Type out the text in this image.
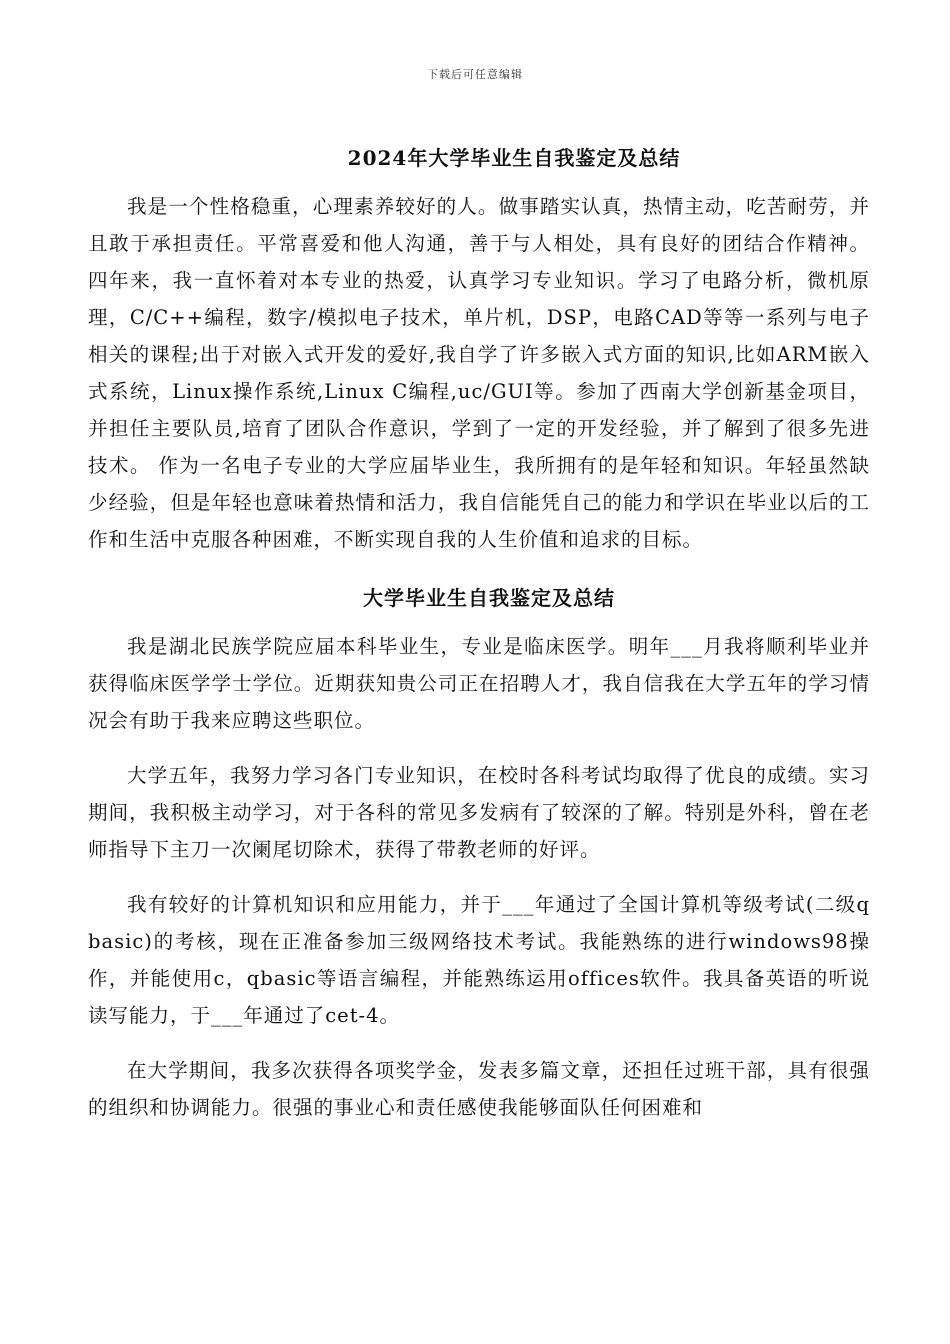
下载后可任意编辑
2024年大学毕业生自我鉴定及总结

我是一个性格稳重，心理素养较好的人。做事踏实认真，热情主动，吃苦耐劳，并且敢于承担责任。平常喜爱和他人沟通，善于与人相处，具有良好的团结合作精神。 四年来，我一直怀着对本专业的热爱，认真学习专业知识。学习了电路分析，微机原理，C/C++编程，数字/模拟电子技术，单片机，DSP，电路CAD等等一系列与电子相关的课程;出于对嵌入式开发的爱好,我自学了许多嵌入式方面的知识,比如ARM嵌入式系统，Linux操作系统,Linux C编程,uc/GUI等。参加了西南大学创新基金项目，并担任主要队员,培育了团队合作意识，学到了一定的开发经验，并了解到了很多先进技术。 作为一名电子专业的大学应届毕业生，我所拥有的是年轻和知识。年轻虽然缺少经验，但是年轻也意味着热情和活力，我自信能凭自己的能力和学识在毕业以后的工作和生活中克服各种困难，不断实现自我的人生价值和追求的目标。

大学毕业生自我鉴定及总结

我是湖北民族学院应届本科毕业生，专业是临床医学。明年___月我将顺利毕业并获得临床医学学士学位。近期获知贵公司正在招聘人才，我自信我在大学五年的学习情况会有助于我来应聘这些职位。

大学五年，我努力学习各门专业知识，在校时各科考试均取得了优良的成绩。实习期间，我积极主动学习，对于各科的常见多发病有了较深的了解。特别是外科，曾在老师指导下主刀一次阑尾切除术，获得了带教老师的好评。

我有较好的计算机知识和应用能力，并于___年通过了全国计算机等级考试(二级qbasic)的考核，现在正准备参加三级网络技术考试。我能熟练的进行windows98操作，并能使用c，qbasic等语言编程，并能熟练运用offices软件。我具备英语的听说读写能力，于___年通过了cet-4。

在大学期间，我多次获得各项奖学金，发表多篇文章，还担任过班干部，具有很强的组织和协调能力。很强的事业心和责任感使我能够面队任何困难和
